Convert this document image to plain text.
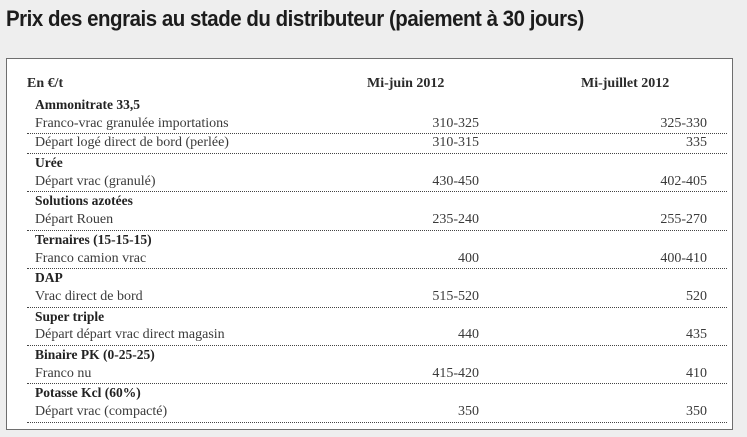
Prix des engrais au stade du distributeur (paiement à 30 jours)
En €/t	Mi-juin 2012	Mi-juillet 2012
Ammonitrate 33,5
Franco-vrac granulée importations	310-325	325-330
Départ logé direct de bord (perlée)	310-315	335
Urée
Départ vrac (granulé)	430-450	402-405
Solutions azotées
Départ Rouen	235-240	255-270
Ternaires (15-15-15)
Franco camion vrac	400	400-410
DAP
Vrac direct de bord	515-520	520
Super triple
Départ départ vrac direct magasin	440	435
Binaire PK (0-25-25)
Franco nu	415-420	410
Potasse Kcl (60%)
Départ vrac (compacté)	350	350
